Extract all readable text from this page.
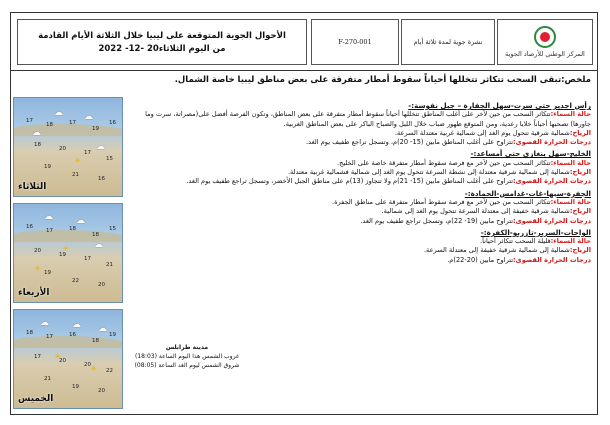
المركز الوطني للأرصاد الجوية
نشرة جوية لمدة ثلاثة أيام
F-270-001
الأحوال الجوية المتوقعة على ليبيا خلال الثلاثة الأيام القادمة
من اليوم الثلاثاء20 -12- 2022
ملخص:تبقى السحب تتكاثر تتخللها أحياناً سقوط أمطار متفرقة على بعض مناطق ليبيا خاصة الشمال.
☁ ☁
☁
☀
☁
17
18	17
19
16
18
20
17
15
19
21
16
الثلاثاء
☁	☁
☀	☁
☀
16
17	18
18
15
20
19
17
21
19
22
20
الأربعاء
☁	☁ ☁
☀
☀
18
17	16
18
19
17
20
20
22
21
19
20
الخميس
رأس اجدير حتى سرت-سهل الجفارة – جبل نفوسة:-
حالة السماء:تتكاثر السحب من حين لآخر على أغلب المناطق تتخللها أحياناً سقوط أمطار متفرقة على بعض المناطق، وتكون الفرصة أفضل على(مصراتة، سرت وما جاورها) تصحبها أحياناً خلايا رعدية، ومن المتوقع ظهور ضباب خلال الليل والصباح الباكر على بعض المناطق الغربية.
الرياح:شمالية شرقية تتحول يوم الغد إلى شمالية غربية معتدلة السرعة.
درجات الحرارة القصوى:تتراوح على أغلب المناطق مابين (15- 20)م، وتسجل تراجع طفيف يوم الغد.
الخليج-سهل بنغازي حتى أمساعد:-
حالة السماء:تتكاثر السحب من حين لآخر مع فرصة سقوط أمطار متفرقة خاصة على الخليج.
الرياح:شمالية إلى شمالية شرقية معتدلة إلى نشطة السرعة تتحول يوم الغد إلى شمالية فشمالية غربية معتدلة.
درجات الحرارة القصوى:تتراوح على أغلب المناطق مابين (15- 21)م ولا تتجاوز (13)م على مناطق الجبل الأخضر، وتسجل تراجع طفيف يوم الغد.
الجفرة-سبها-غات-غدامس-الحمادة:-
حالة السماء:تتكاثر السحب من حين لآخر مع فرصة سقوط أمطار متفرقة على مناطق الجفرة.
الرياح:شمالية شرقية خفيفة إلى معتدلة السرعة تتحول يوم الغد إلى شمالية.
درجات الحرارة القصوى:تتراوح مابين (19- 22)م، وتسجل تراجع طفيف يوم الغد.
الواحات-السرير-تازربو-الكفرة:-
حالة السماء:قليلة السحب تتكاثر أحياناً.
الرياح:شمالية إلى شمالية شرقية خفيفة إلى معتدلة السرعة.
درجات الحرارة القصوى:تتراوح مابين (20-22)م.
مدينة طرابلس
غروب الشمس هذا اليوم الساعة (18:03)
شروق الشمس ليوم الغد الساعة (08:05)
